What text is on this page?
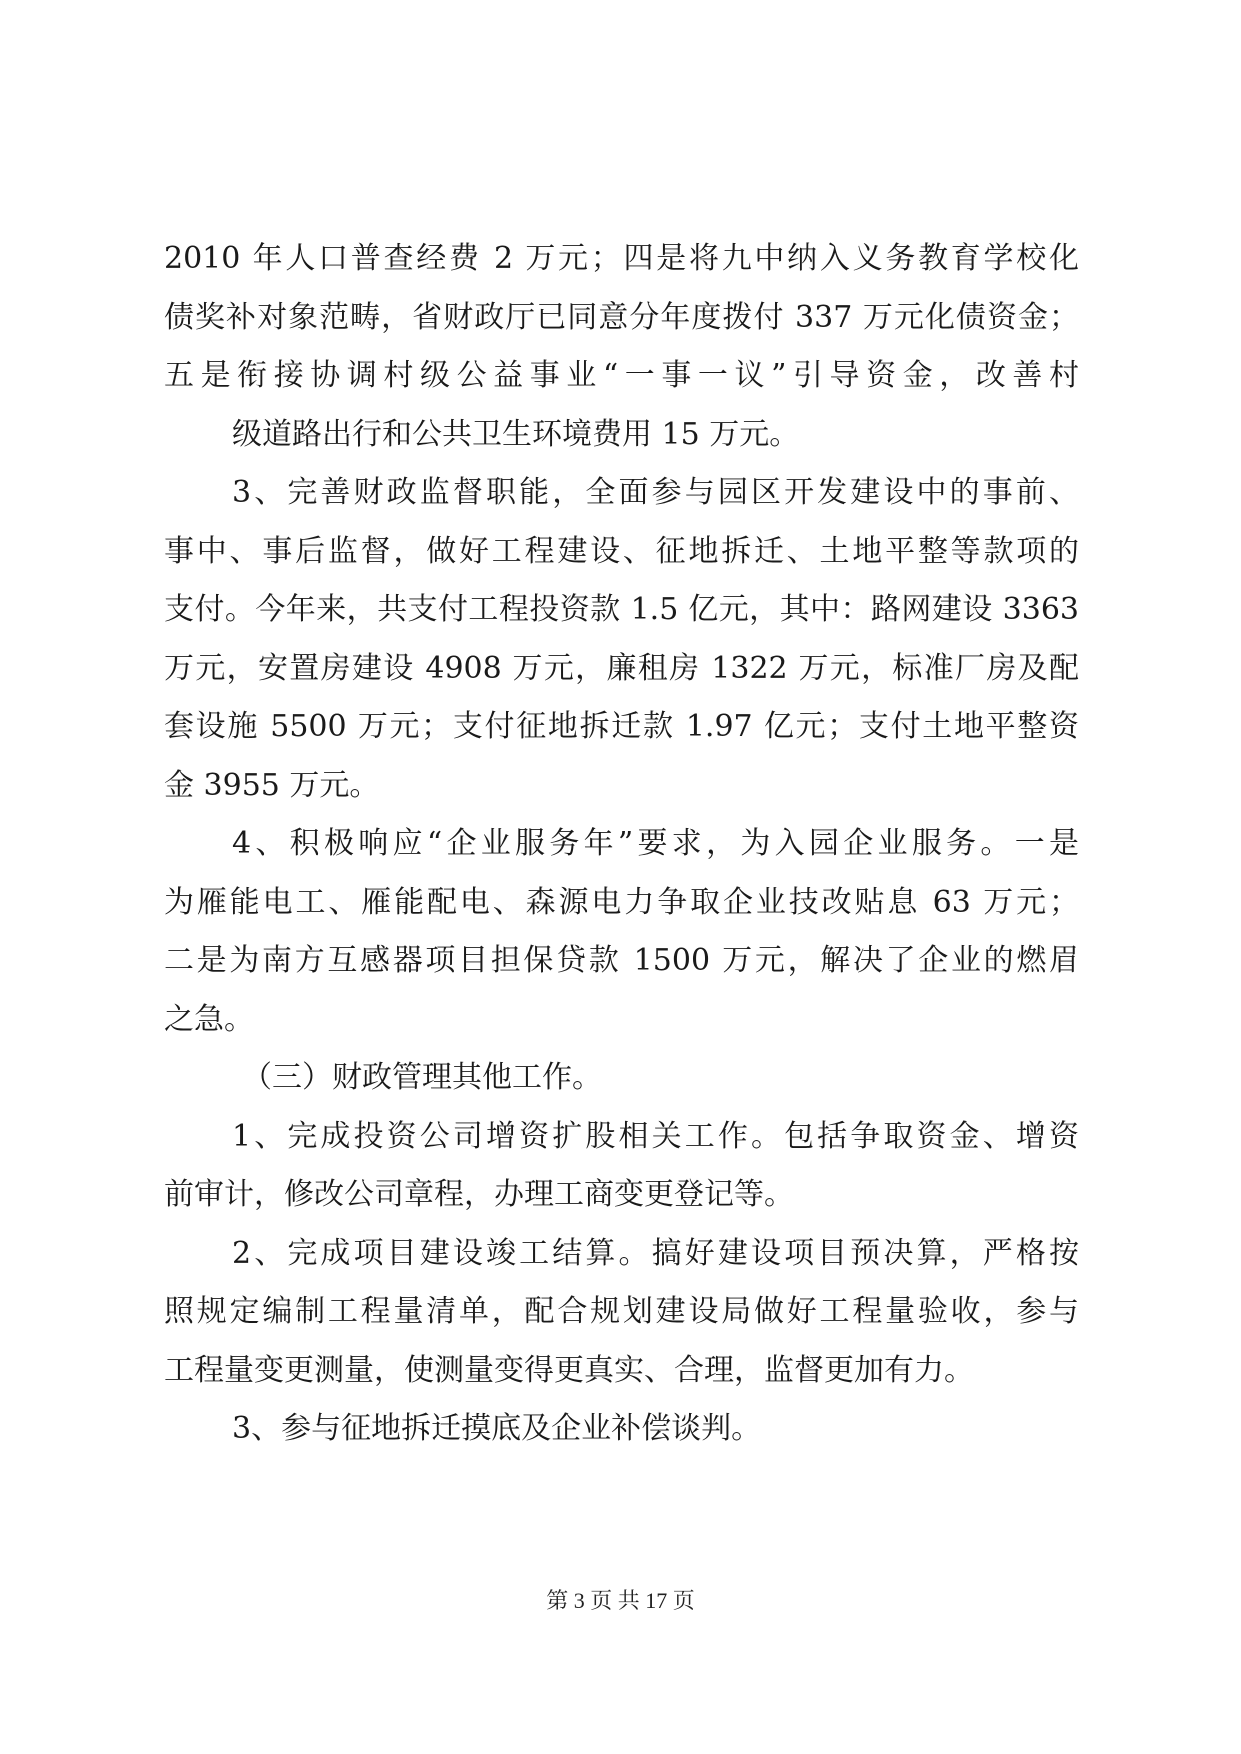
2010 年人口普查经费 2 万元；四是将九中纳入义务教育学校化
债奖补对象范畴，省财政厅已同意分年度拨付 337 万元化债资金；
五是衔接协调村级公益事业“一事一议”引导资金，改善村
级道路出行和公共卫生环境费用 15 万元。
3、完善财政监督职能，全面参与园区开发建设中的事前、
事中、事后监督，做好工程建设、征地拆迁、土地平整等款项的
支付。今年来，共支付工程投资款 1.5 亿元，其中：路网建设 3363
万元，安置房建设 4908 万元，廉租房 1322 万元，标准厂房及配
套设施 5500 万元；支付征地拆迁款 1.97 亿元；支付土地平整资
金 3955 万元。
4、积极响应“企业服务年”要求，为入园企业服务。一是
为雁能电工、雁能配电、森源电力争取企业技改贴息 63 万元；
二是为南方互感器项目担保贷款 1500 万元，解决了企业的燃眉
之急。
（三）财政管理其他工作。
1、完成投资公司增资扩股相关工作。包括争取资金、增资
前审计，修改公司章程，办理工商变更登记等。
2、完成项目建设竣工结算。搞好建设项目预决算，严格按
照规定编制工程量清单，配合规划建设局做好工程量验收，参与
工程量变更测量，使测量变得更真实、合理，监督更加有力。
3、参与征地拆迁摸底及企业补偿谈判。
第 3 页 共 17 页
